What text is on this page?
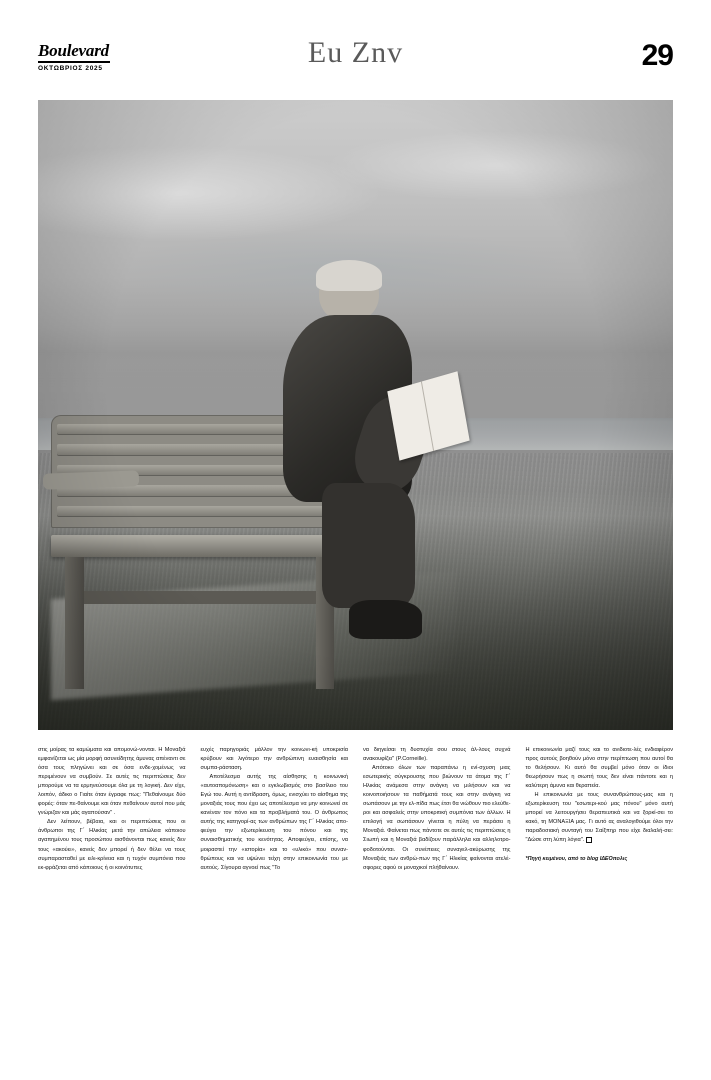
Boulevard
ΟΚΤΩΒΡΙΟΣ 2025	Eu Znv	29

στις μοίρας τα καμώματα και απομονώ-νονται. Η Μοναξιά εμφανίζεται ως μία μορφή ασυνείδητης άμυνας απέναντι σε όσα τους πληγώνει και σε όσα ενδε-χομένως να περιμένουν να συμβούν. Σε αυτές τις περιπτώσεις δεν μπορούμε να τα ερμηνεύσουμε όλα με τη λογική. Δεν είχε, λοιπόν, άδικο ο Γιαίτε όταν έγραφε πως: "Πεθαίνουμε δύο φορές: όταν πε-θαίνουμε και όταν πεθαίνουν αυτοί που μάς γνώριζαν και μάς αγαπούσαν" .

Δεν λείπουν, βέβαια, και οι περιπτώσεις που οι άνθρωποι της Γ΄ Ηλικίας μετά την απώλεια κάποιου αγαπημένου τους προσώπου αισθάνονται πως κανείς δεν τους «ακούει», κανείς δεν μπορεί ή δεν θέλει να τους συμπαρασταθεί με ειλι-κρίνεια και η τυχόν συμπόνια που εκ-φράζεται από κάποιους ή οι κοινότυπες

ευχές παρηγοριάς μάλλον την κοινωνι-κή υποκρισία κρύβουν και λιγότερο την ανθρώπινη ευαισθησία και συμπα-ράσταση.

Αποτέλεσμα αυτής της αίσθησης η κοινωνική «αυτοαπομόνωση» και ο εγκλωβισμός στο βασίλειο του Εγώ του. Αυτή η αντίδραση, όμως, ενισχύει το αίσθημα της μοναξιάς τους που έχει ως αποτέλεσμα να μην κοινωνεί σε κανέναν τον πόνο και τα προβλήματά του. Ο άνθρωπος αυτής της κατηγορί-ας των ανθρώπων της Γ΄ Ηλικίας απο-φεύγει την εξωτερίκευση του πόνου και της συναισθηματικής του κενότητας. Αποφεύγει, επίσης, να μοιραστεί την «ιστορία» και το «υλικό» που συναν-θρώπους και να υψώνει τείχη στην επικοινωνία του με αυτούς. Σίγουρα αγνοεί πως "Το

να διηγείσαι τη δυστυχία σου στους άλ-λους συχνά ανακουφίζει" (P.Corneille).

Απότοκο όλων των παραπάνω η ενί-σχυση μιας εσωτερικής σύγκρουσης που βιώνουν τα άτομα της Γ΄ Ηλικίας ανάμεσα στην ανάγκη να μιλήσουν και να κοινοποιήσουν τα παθήματά τους και στην ανάγκη να σωπάσουν με την ελ-πίδα πως έτσι θα νιώθουν πιο ελεύθε-ροι και ασφαλείς στην υποκριτική συμπόνια των άλλων. Η επιλογή να σωπάσουν γίνεται η πύλη να περάσει η Μοναξιά. Φαίνεται πως πάντοτε σε αυτές τις περιπτώσεις η Σιωπή και η Μοναξιά βαδίζουν παράλληλα και αλληλοτρο-φοδοτούνται. Οι συνέπειες συναγελ-ακύρωσης της Μοναξιάς των ανθρώ-πων της Γ΄ Ηλικίας φαίνονται ατελέ-σφορες αφού οι μοναχικοί πλήθαίνουν.

Η επικοινωνία μαζί τους και το ανιδιοτε-λές ενδιαφέρον προς αυτούς βοηθούν μόνο στην περίπτωση που αυτοί θα το θελήσουν. Κι αυτό θα συμβεί μόνο όταν οι ίδιοι θεωρήσουν πως η σιωπή τους δεν είναι πάντοτε και η καλύτερη άμυνα και θεραπεία.

Η επικοινωνία με τους συνανθρώπους-μας και η εξωτερίκευση του "εσωτερι-κού μας πόνου" μόνο αυτή μπορεί να λειτουργήσει θεραπευτικά και να ξορκί-σει το κακό, τη ΜΟΝΑΞΙΑ μας. Γι αυτό ας αναλογιθούμε όλοι την παραδοσιακή συνταγή του Σαίξπηρ που είχε διαλαλή-σει: "Δώσε στη λύπη λόγια".

*Πηγή κειμένου, από το blog ΙΔΕΟπολις
